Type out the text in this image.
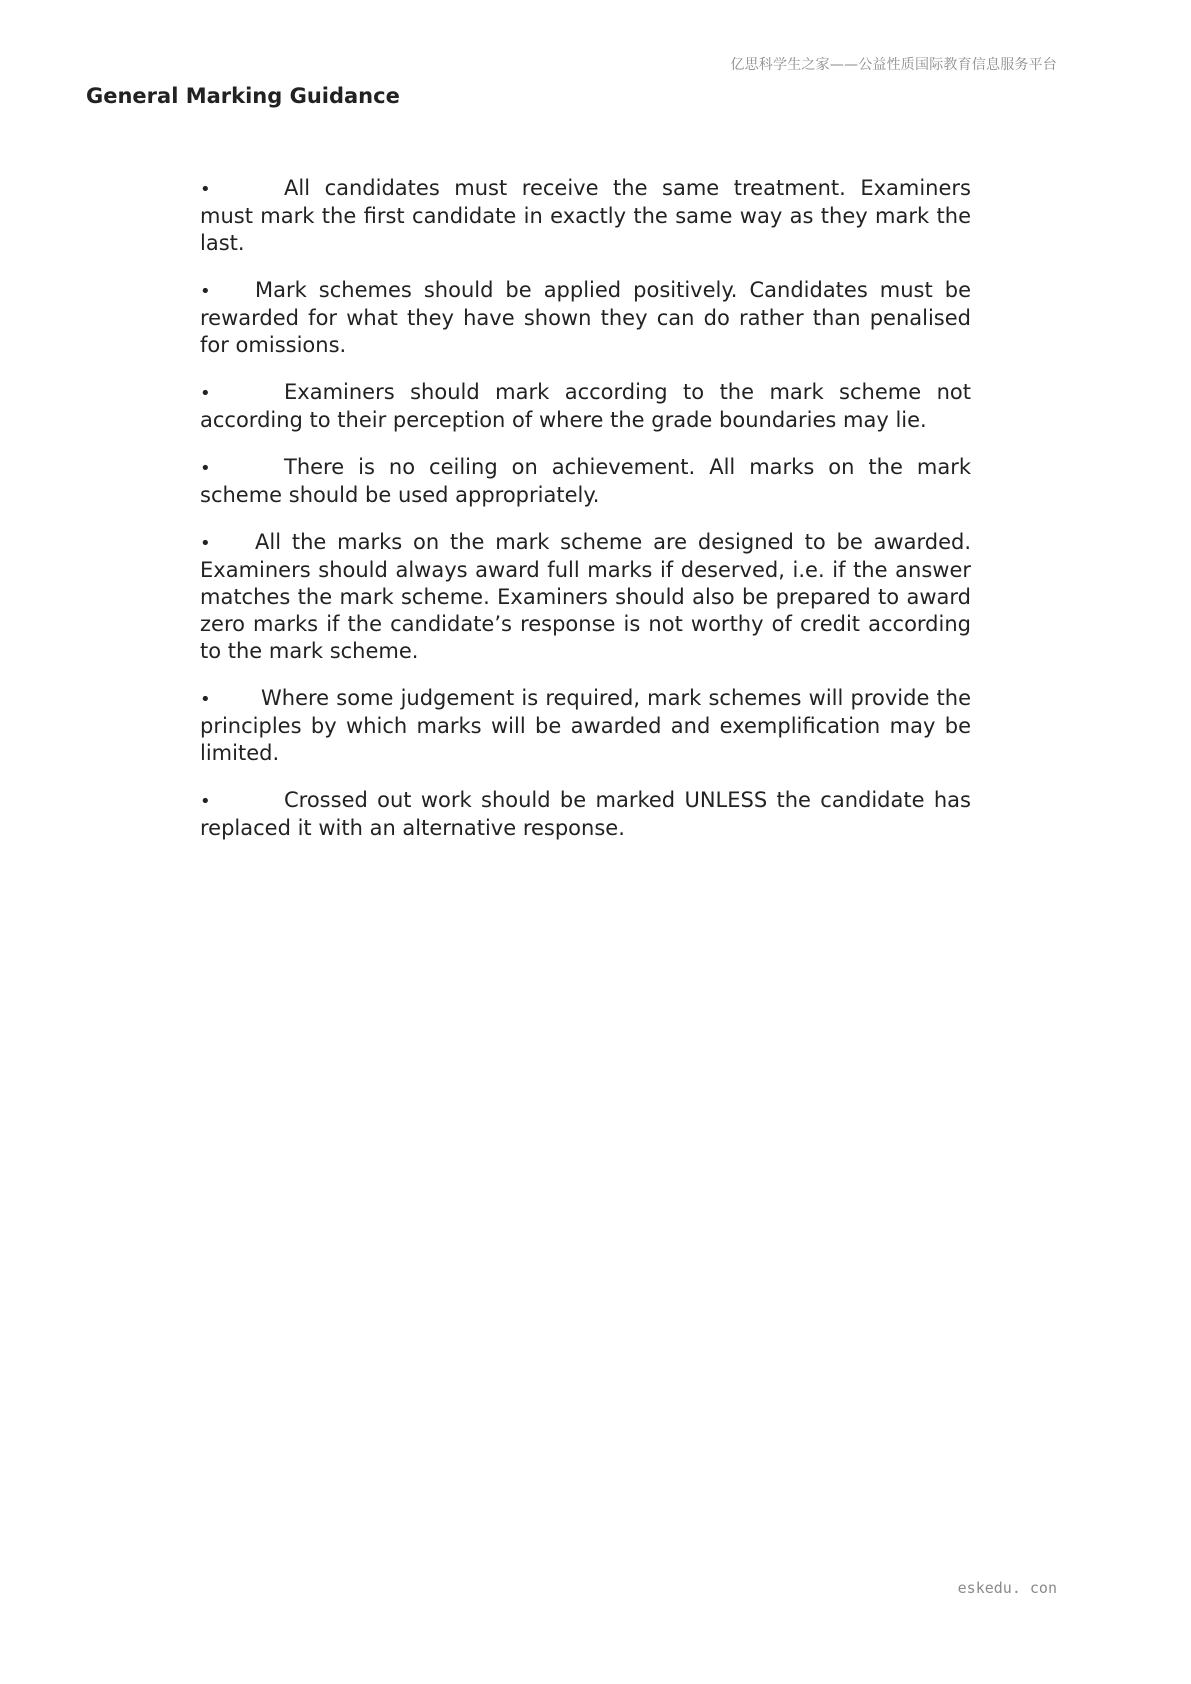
亿思科学生之家——公益性质国际教育信息服务平台
General Marking Guidance
•	All candidates must receive the same treatment. Examiners must mark the first candidate in exactly the same way as they mark the last.
• Mark schemes should be applied positively. Candidates must be rewarded for what they have shown they can do rather than penalised for omissions.
•	Examiners should mark according to the mark scheme not according to their perception of where the grade boundaries may lie.
•	There is no ceiling on achievement. All marks on the mark scheme should be used appropriately.
• All the marks on the mark scheme are designed to be awarded. Examiners should always award full marks if deserved, i.e. if the answer matches the mark scheme. Examiners should also be prepared to award zero marks if the candidate’s response is not worthy of credit according to the mark scheme.
• Where some judgement is required, mark schemes will provide the principles by which marks will be awarded and exemplification may be limited.
•	Crossed out work should be marked UNLESS the candidate has replaced it with an alternative response.
eskedu. con
